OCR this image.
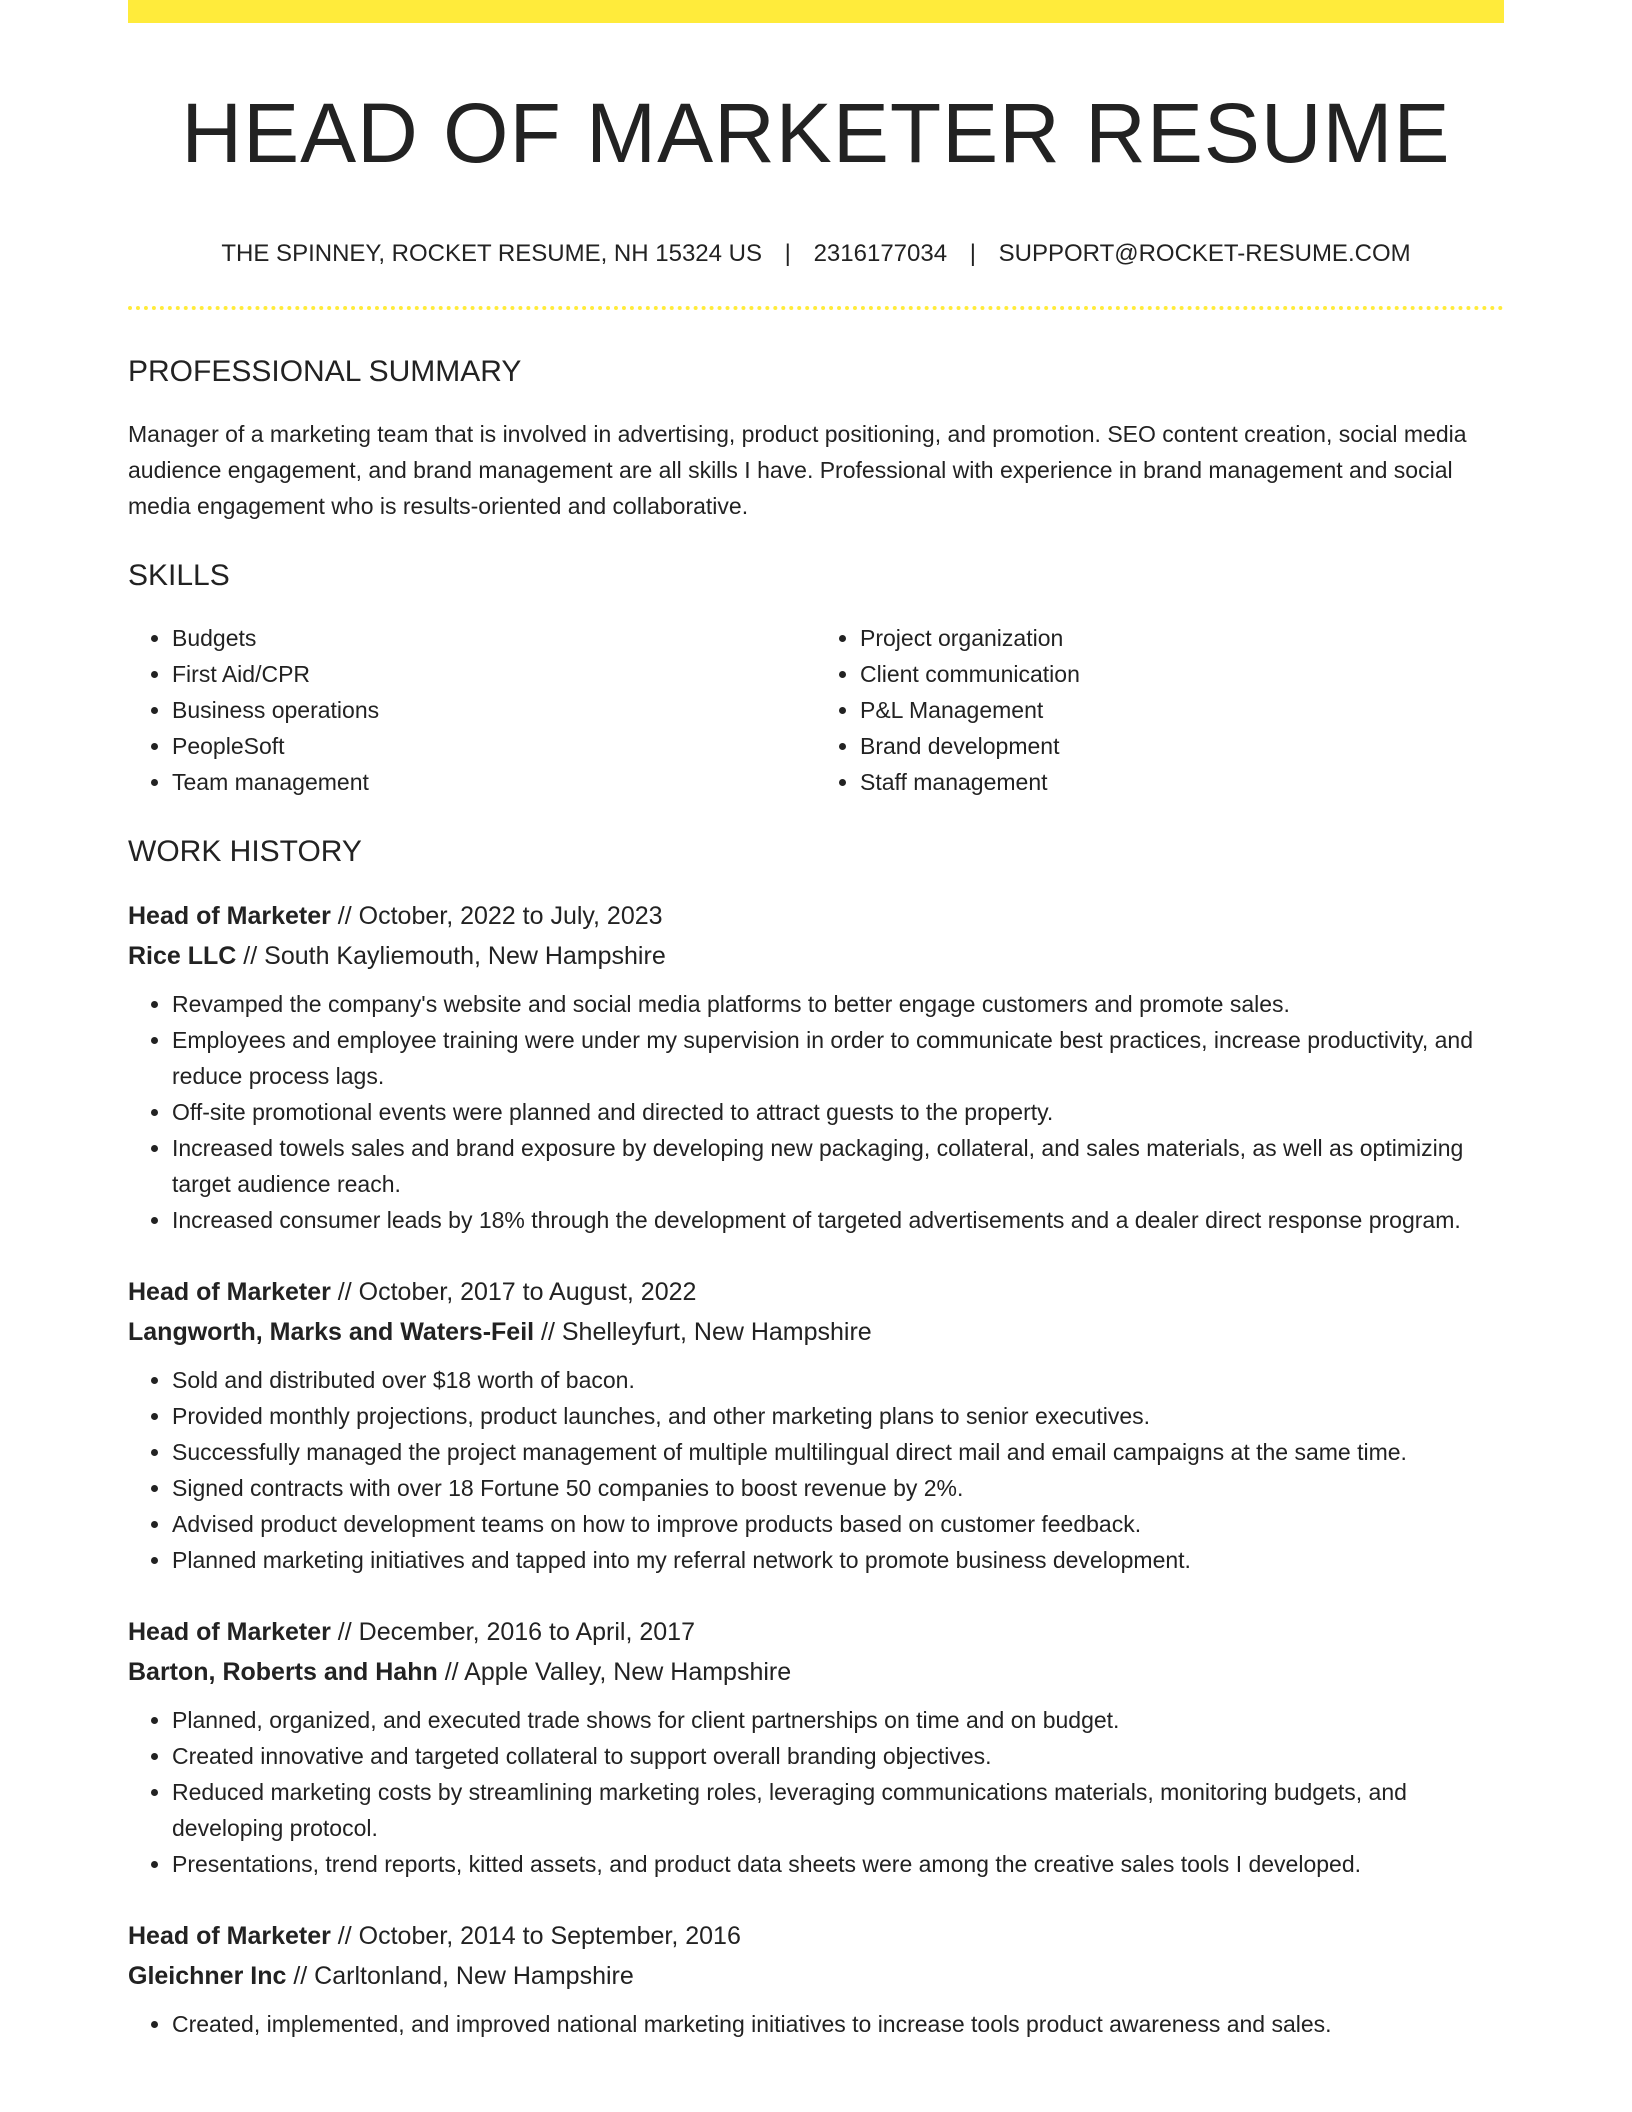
HEAD OF MARKETER RESUME
THE SPINNEY, ROCKET RESUME, NH 15324 US | 2316177034 | SUPPORT@ROCKET-RESUME.COM
PROFESSIONAL SUMMARY

Manager of a marketing team that is involved in advertising, product positioning, and promotion. SEO content creation, social media audience engagement, and brand management are all skills I have. Professional with experience in brand management and social media engagement who is results-oriented and collaborative.

SKILLS
• Budgets
• First Aid/CPR
• Business operations
• PeopleSoft
• Team management
• Project organization
• Client communication
• P&L Management
• Brand development
• Staff management
WORK HISTORY
Head of Marketer // October, 2022 to July, 2023
Rice LLC // South Kayliemouth, New Hampshire
• Revamped the company's website and social media platforms to better engage customers and promote sales.
• Employees and employee training were under my supervision in order to communicate best practices, increase productivity, and reduce process lags.
• Off-site promotional events were planned and directed to attract guests to the property.
• Increased towels sales and brand exposure by developing new packaging, collateral, and sales materials, as well as optimizing target audience reach.
• Increased consumer leads by 18% through the development of targeted advertisements and a dealer direct response program.
Head of Marketer // October, 2017 to August, 2022
Langworth, Marks and Waters-Feil // Shelleyfurt, New Hampshire
• Sold and distributed over $18 worth of bacon.
• Provided monthly projections, product launches, and other marketing plans to senior executives.
• Successfully managed the project management of multiple multilingual direct mail and email campaigns at the same time.
• Signed contracts with over 18 Fortune 50 companies to boost revenue by 2%.
• Advised product development teams on how to improve products based on customer feedback.
• Planned marketing initiatives and tapped into my referral network to promote business development.
Head of Marketer // December, 2016 to April, 2017
Barton, Roberts and Hahn // Apple Valley, New Hampshire
• Planned, organized, and executed trade shows for client partnerships on time and on budget.
• Created innovative and targeted collateral to support overall branding objectives.
• Reduced marketing costs by streamlining marketing roles, leveraging communications materials, monitoring budgets, and developing protocol.
• Presentations, trend reports, kitted assets, and product data sheets were among the creative sales tools I developed.
Head of Marketer // October, 2014 to September, 2016
Gleichner Inc // Carltonland, New Hampshire
• Created, implemented, and improved national marketing initiatives to increase tools product awareness and sales.
